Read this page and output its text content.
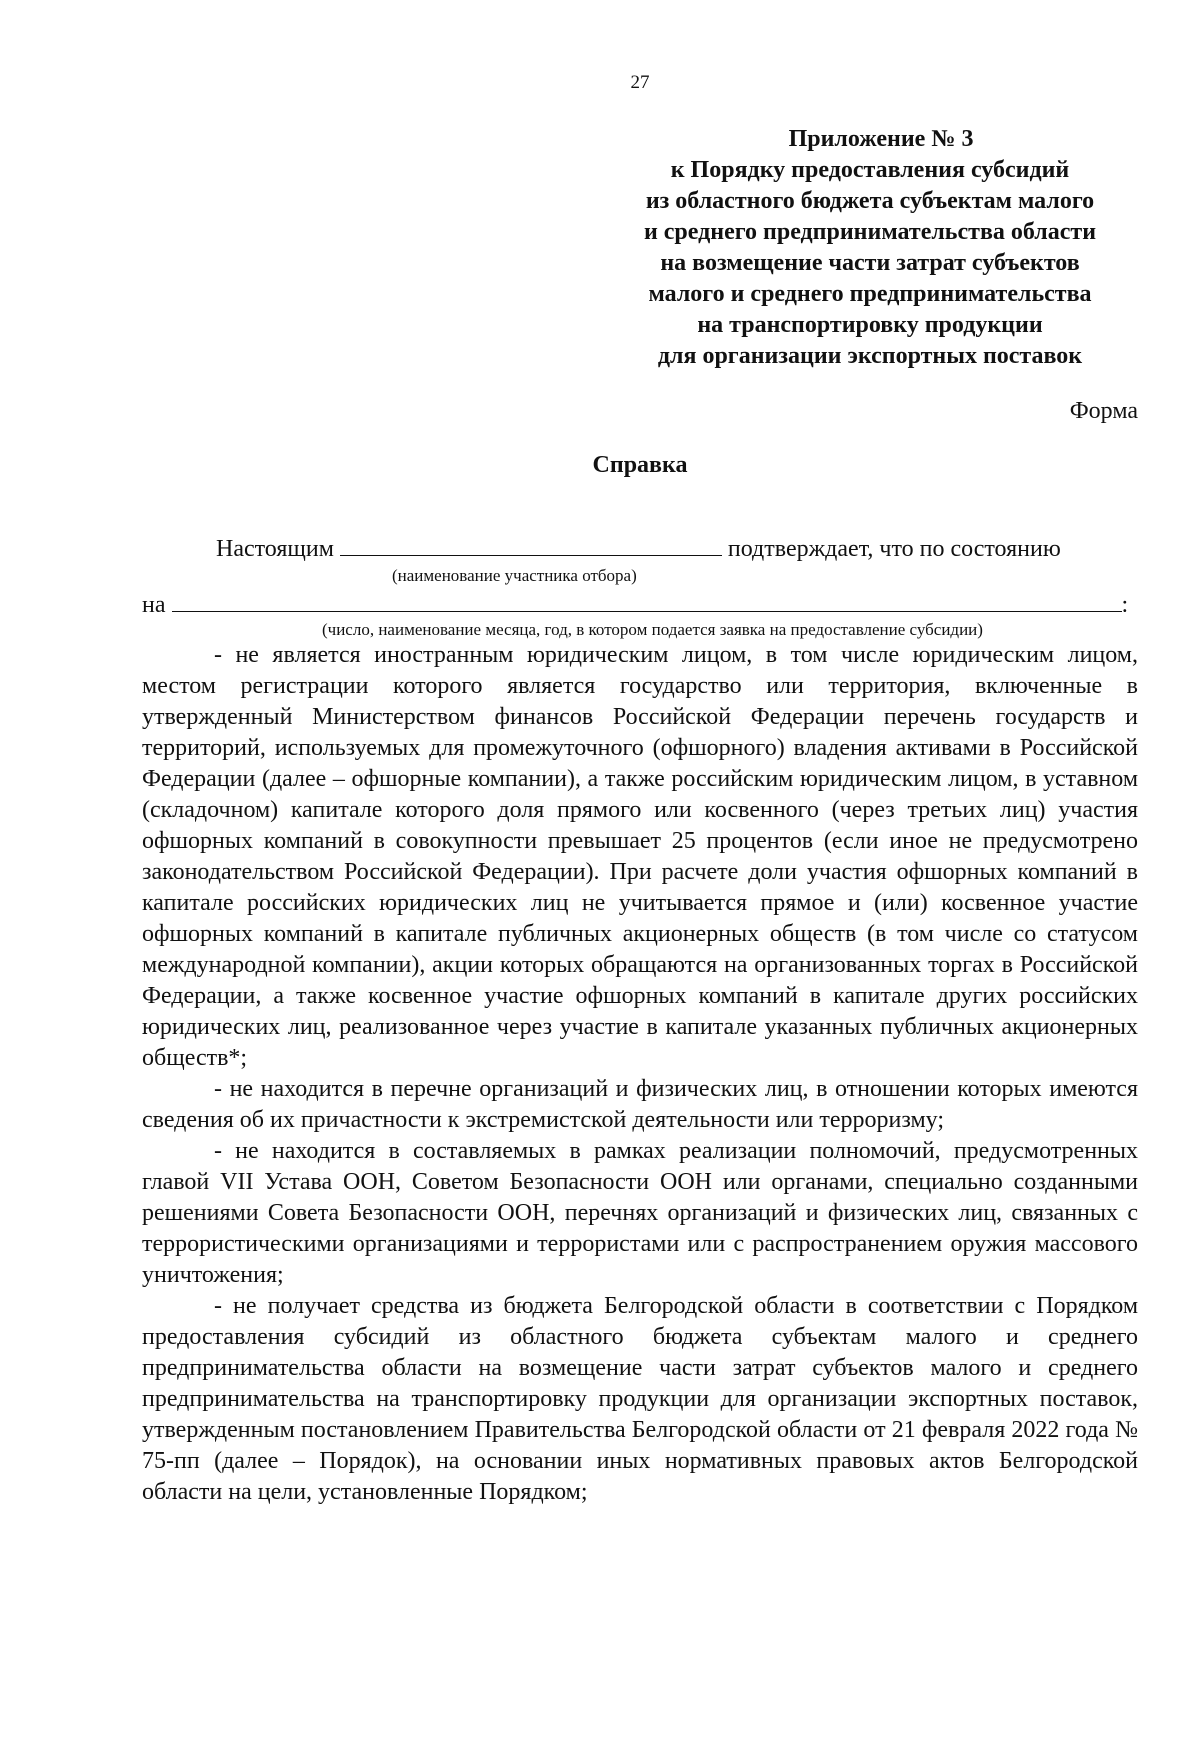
27
Приложение № 3
к Порядку предоставления субсидий
из областного бюджета субъектам малого
и среднего предпринимательства области
на возмещение части затрат субъектов
малого и среднего предпринимательства
на транспортировку продукции
для организации экспортных поставок
Форма
Справка
Настоящим	подтверждает, что по состоянию
(наименование участника отбора)
на	:
(число, наименование месяца, год, в котором подается заявка на предоставление субсидии)

- не является иностранным юридическим лицом, в том числе юридическим лицом, местом регистрации которого является государство или территория, включенные в утвержденный Министерством финансов Российской Федерации перечень государств и территорий, используемых для промежуточного (офшорного) владения активами в Российской Федерации (далее – офшорные компании), а также российским юридическим лицом, в уставном (складочном) капитале которого доля прямого или косвенного (через третьих лиц) участия офшорных компаний в совокупности превышает 25 процентов (если иное не предусмотрено законодательством Российской Федерации). При расчете доли участия офшорных компаний в капитале российских юридических лиц не учитывается прямое и (или) косвенное участие офшорных компаний в капитале публичных акционерных обществ (в том числе со статусом международной компании), акции которых обращаются на организованных торгах в Российской Федерации, а также косвенное участие офшорных компаний в капитале других российских юридических лиц, реализованное через участие в капитале указанных публичных акционерных обществ*;

- не находится в перечне организаций и физических лиц, в отношении которых имеются сведения об их причастности к экстремистской деятельности или терроризму;

- не находится в составляемых в рамках реализации полномочий, предусмотренных главой VII Устава ООН, Советом Безопасности ООН или органами, специально созданными решениями Совета Безопасности ООН, перечнях организаций и физических лиц, связанных с террористическими организациями и террористами или с распространением оружия массового уничтожения;

- не получает средства из бюджета Белгородской области в соответствии с Порядком предоставления субсидий из областного бюджета субъектам малого и среднего предпринимательства области на возмещение части затрат субъектов малого и среднего предпринимательства на транспортировку продукции для организации экспортных поставок, утвержденным постановлением Правительства Белгородской области от 21 февраля 2022 года № 75-пп (далее – Порядок), на основании иных нормативных правовых актов Белгородской области на цели, установленные Порядком;
